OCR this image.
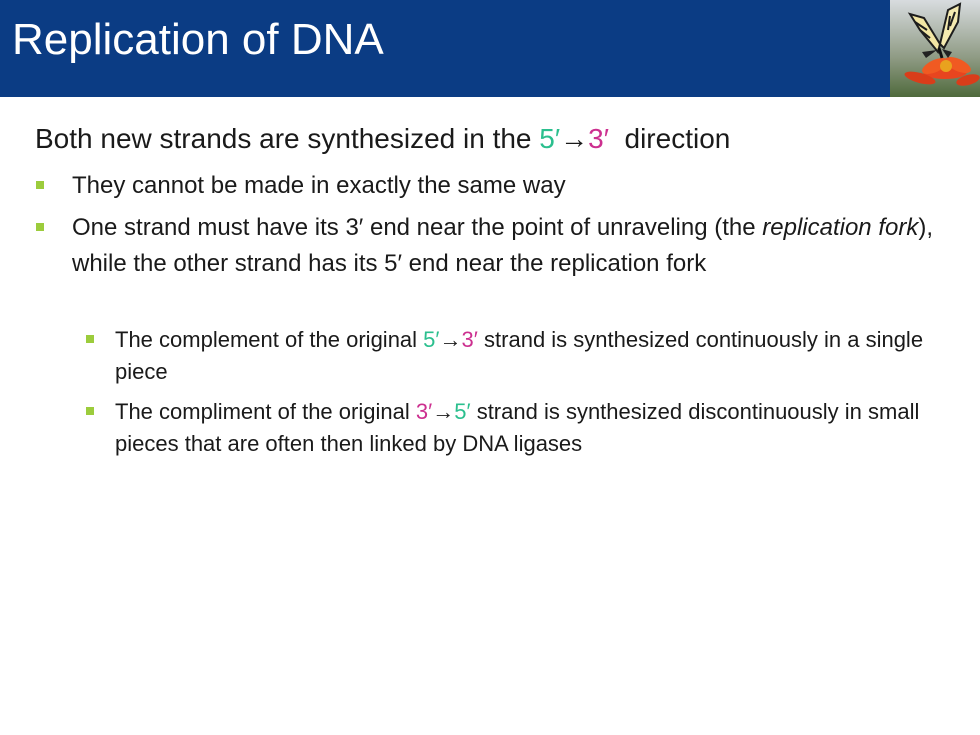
Replication of DNA
Both new strands are synthesized in the 5′→3′  direction
They cannot be made in exactly the same way
One strand must have its 3′ end near the point of unraveling (the replication fork), while the other strand has its 5′ end near the replication fork
The complement of the original 5′→3′ strand is synthesized continuously in a single piece
The compliment of the original 3′→5′ strand is synthesized discontinuously in small pieces that are often then linked by DNA ligases
